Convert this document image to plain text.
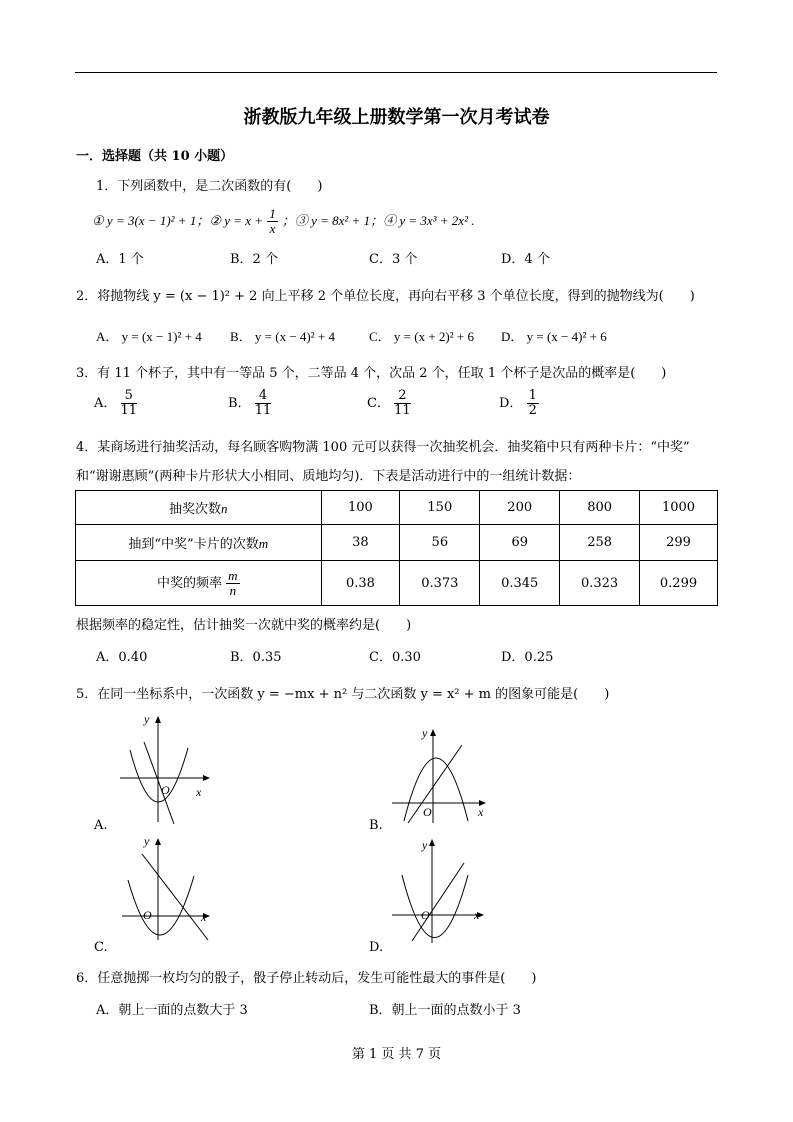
浙教版九年级上册数学第一次月考试卷
一．选择题（共 10 小题）
1．下列函数中，是二次函数的有(　　)
① y = 3(x − 1)² + 1；② $y = x + \frac{1}{x}$ ；③ y = 8x² + 1；④ y = 3x³ + 2x² .
A．1 个	B．2 个	C．3 个	D．4 个
2．将抛物线 y = (x − 1)² + 2 向上平移 2 个单位长度，再向右平移 3 个单位长度，得到的抛物线为(　　)
A． y = (x − 1)² + 4 B． y = (x − 4)² + 4	C． y = (x + 2)² + 6 D． y = (x − 4)² + 6
3．有 11 个杯子，其中有一等品 5 个，二等品 4 个，次品 2 个，任取 1 个杯子是次品的概率是(　　)
A． $\frac{5}{11}$	B． $\frac{4}{11}$	C． $\frac{2}{11}$	D． $\frac{1}{2}$
4．某商场进行抽奖活动，每名顾客购物满 100 元可以获得一次抽奖机会．抽奖箱中只有两种卡片：“中奖”
和“谢谢惠顾”(两种卡片形状大小相同、质地均匀)．下表是活动进行中的一组统计数据：
抽奖次数n	100	150	200	800	1000
抽到“中奖”卡片的次数m	38	56	69	258	299
中奖的频率 $\frac{m}{n}$	0.38	0.373	0.345	0.323	0.299
根据频率的稳定性，估计抽奖一次就中奖的概率约是(　　)
A．0.40	B．0.35	C．0.30	D．0.25
5．在同一坐标系中，一次函数 y = −mx + n² 与二次函数 y = x² + m 的图象可能是(　　)
y
O x
A.
y
O	x
B.
y
O	x
C.
y
O	x
D.
6．任意抛掷一枚均匀的骰子，骰子停止转动后，发生可能性最大的事件是(　　)
A．朝上一面的点数大于 3	B．朝上一面的点数小于 3
第 1 页 共 7 页
